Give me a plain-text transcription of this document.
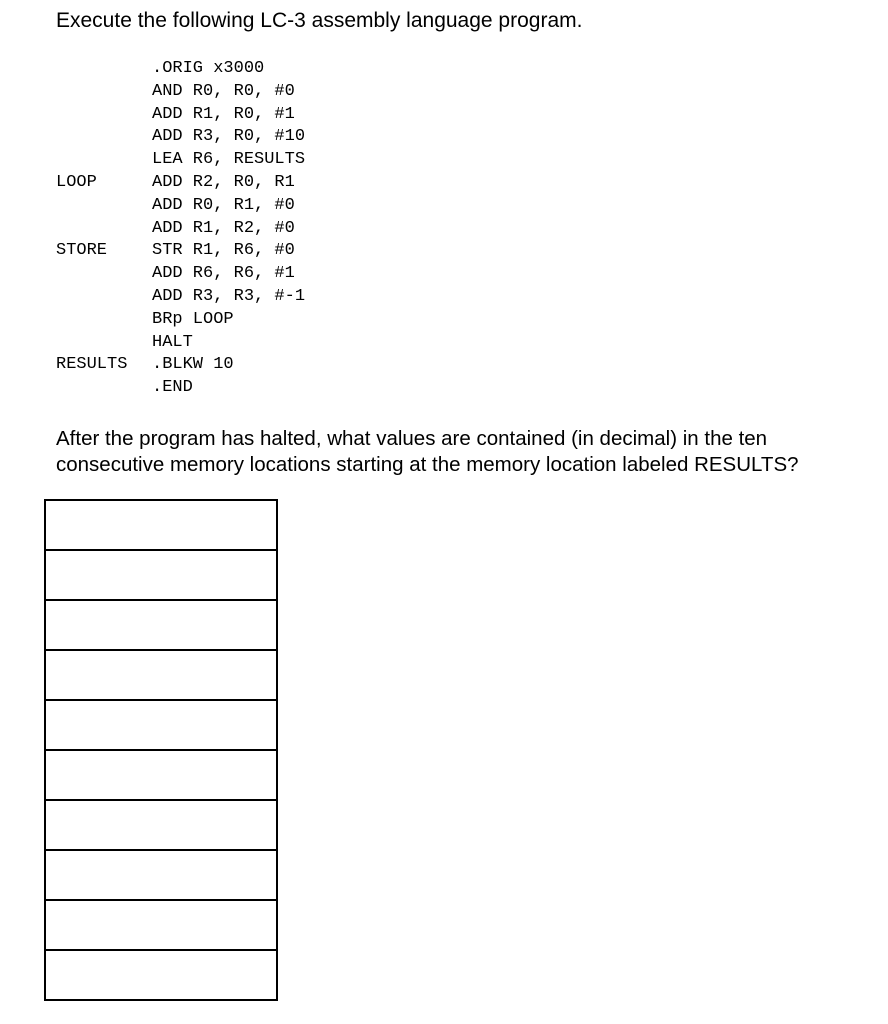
Execute the following LC-3 assembly language program.

.ORIG x3000

AND R0, R0, #0

ADD R1, R0, #1

ADD R3, R0, #10

LEA R6, RESULTS

LOOP

	ADD R2, R0, R1

ADD R0, R1, #0

ADD R1, R2, #0

STORE

	STR R1, R6, #0

ADD R6, R6, #1

ADD R3, R3, #-1

BRp LOOP

HALT

RESULTS

.BLKW 10

.END

After the program has halted, what values are contained (in decimal) in the ten consecutive memory locations starting at the memory location labeled RESULTS?
